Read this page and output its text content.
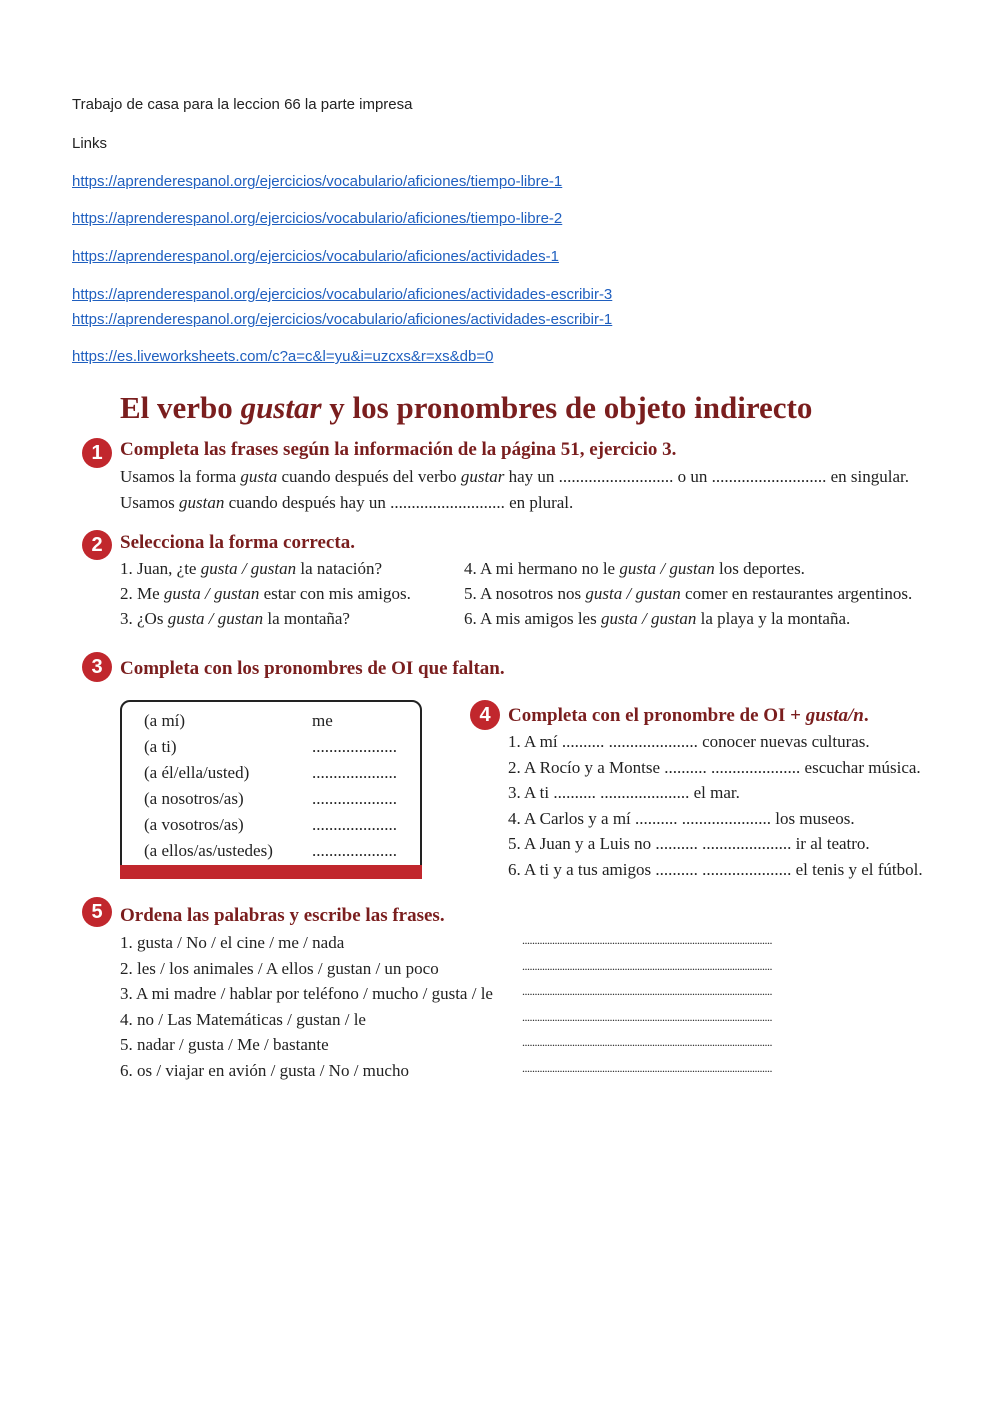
Trabajo de casa para la leccion 66 la parte impresa
Links
https://aprenderespanol.org/ejercicios/vocabulario/aficiones/tiempo-libre-1
https://aprenderespanol.org/ejercicios/vocabulario/aficiones/tiempo-libre-2
https://aprenderespanol.org/ejercicios/vocabulario/aficiones/actividades-1
https://aprenderespanol.org/ejercicios/vocabulario/aficiones/actividades-escribir-3
https://aprenderespanol.org/ejercicios/vocabulario/aficiones/actividades-escribir-1
https://es.liveworksheets.com/c?a=c&l=yu&i=uzcxs&r=xs&db=0
El verbo gustar y los pronombres de objeto indirecto
1 Completa las frases según la información de la página 51, ejercicio 3.
Usamos la forma gusta cuando después del verbo gustar hay un ........................... o un ........................... en singular.
Usamos gustan cuando después hay un ........................... en plural.
2 Selecciona la forma correcta.
1. Juan, ¿te gusta / gustan la natación?
2. Me gusta / gustan estar con mis amigos.
3. ¿Os gusta / gustan la montaña?
4. A mi hermano no le gusta / gustan los deportes.
5. A nosotros nos gusta / gustan comer en restaurantes argentinos.
6. A mis amigos les gusta / gustan la playa y la montaña.
3 Completa con los pronombres de OI que faltan.
(a mí)	me
(a ti)	....................
(a él/ella/usted)	....................
(a nosotros/as)	....................
(a vosotros/as)	....................
(a ellos/as/ustedes) ....................
4 Completa con el pronombre de OI + gusta/n.
1. A mí .......... ..................... conocer nuevas culturas.
2. A Rocío y a Montse .......... ..................... escuchar música.
3. A ti .......... ..................... el mar.
4. A Carlos y a mí .......... ..................... los museos.
5. A Juan y a Luis no .......... ..................... ir al teatro.
6. A ti y a tus amigos .......... ..................... el tenis y el fútbol.
5 Ordena las palabras y escribe las frases.
1. gusta / No / el cine / me / nada
2. les / los animales / A ellos / gustan / un poco
3. A mi madre / hablar por teléfono / mucho / gusta / le
4. no / Las Matemáticas / gustan / le
5. nadar / gusta / Me / bastante
6. os / viajar en avión / gusta / No / mucho
....................................................................................................
....................................................................................................
....................................................................................................
....................................................................................................
....................................................................................................
....................................................................................................
